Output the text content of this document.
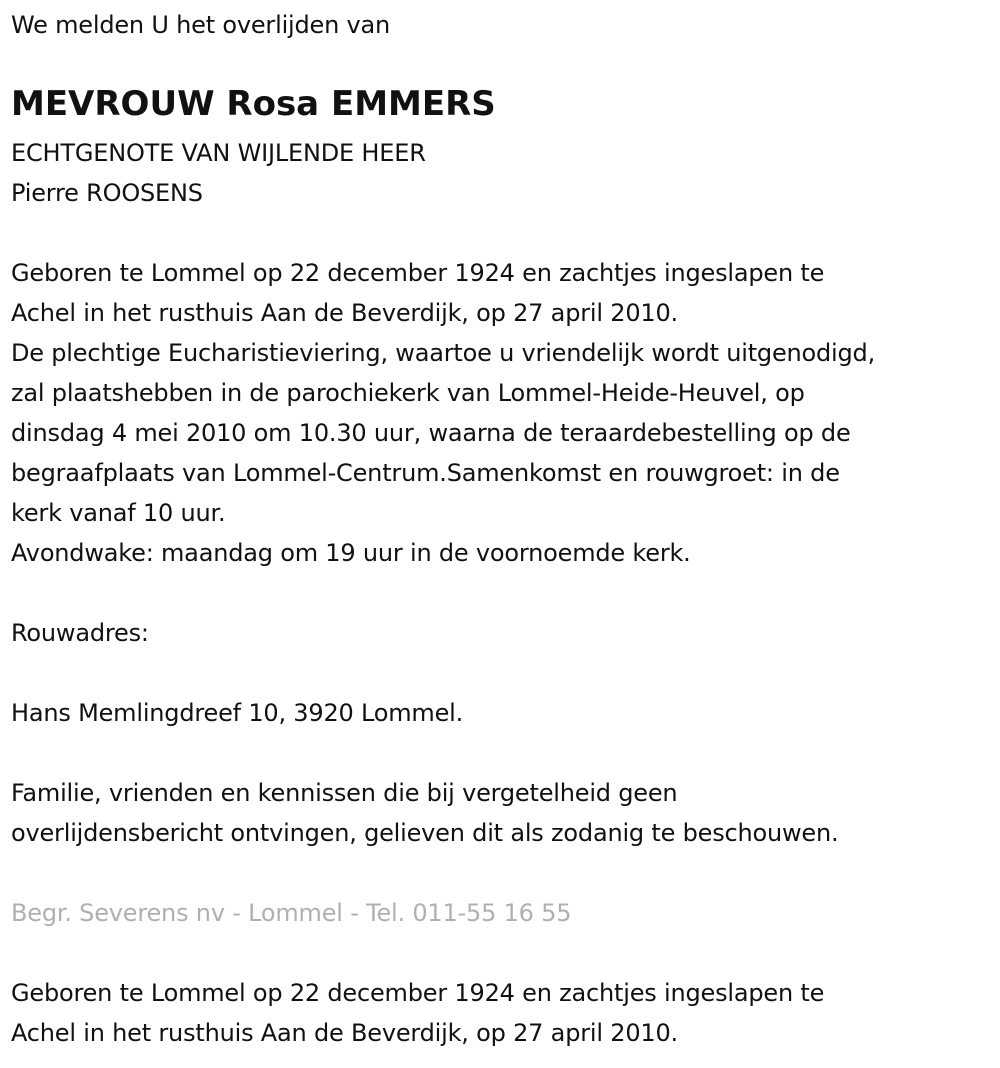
We melden U het overlijden van
MEVROUW Rosa EMMERS
ECHTGENOTE VAN WIJLENDE HEER
Pierre ROOSENS
Geboren te Lommel op 22 december 1924 en zachtjes ingeslapen te
Achel in het rusthuis Aan de Beverdijk, op 27 april 2010.
De plechtige Eucharistieviering, waartoe u vriendelijk wordt uitgenodigd,
zal plaatshebben in de parochiekerk van Lommel-Heide-Heuvel, op
dinsdag 4 mei 2010 om 10.30 uur, waarna de teraardebestelling op de
begraafplaats van Lommel-Centrum.Samenkomst en rouwgroet: in de
kerk vanaf 10 uur.
Avondwake: maandag om 19 uur in de voornoemde kerk.
Rouwadres:
Hans Memlingdreef 10, 3920 Lommel.
Familie, vrienden en kennissen die bij vergetelheid geen
overlijdensbericht ontvingen, gelieven dit als zodanig te beschouwen.
Begr. Severens nv - Lommel - Tel. 011-55 16 55
Geboren te Lommel op 22 december 1924 en zachtjes ingeslapen te
Achel in het rusthuis Aan de Beverdijk, op 27 april 2010.
